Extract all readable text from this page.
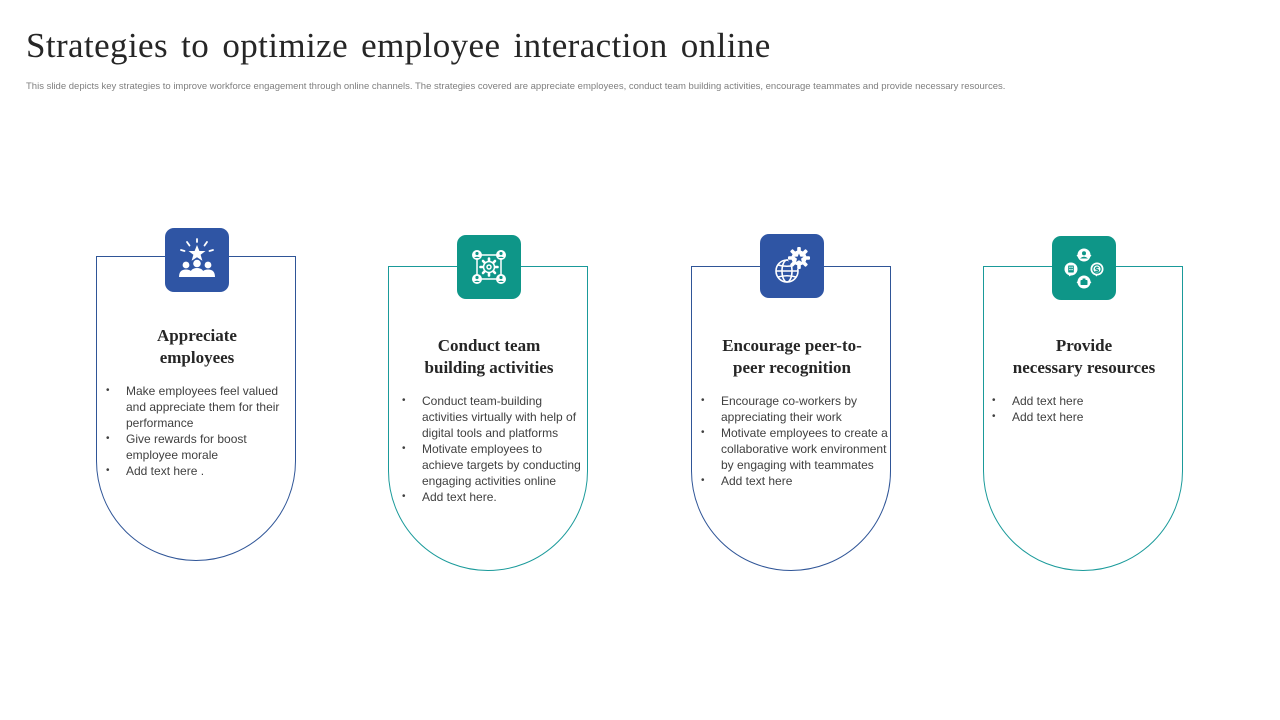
Strategies to optimize employee interaction online

This slide depicts key strategies to improve workforce engagement through online channels. The strategies covered are appreciate employees, conduct team building activities, encourage teammates and provide necessary resources.

Appreciate
employees
• Make employees feel valued and appreciate them for their performance
• Give rewards for boost employee morale
• Add text here .
Conduct team
building activities
• Conduct team-building activities virtually with help of digital tools and platforms
• Motivate employees to achieve targets by conducting engaging activities online
• Add text here.
Encourage peer-to-
peer recognition
• Encourage co-workers by appreciating their work
• Motivate employees to create a collaborative work environment by engaging with teammates
• Add text here
Provide
necessary resources
• Add text here
• Add text here
$
